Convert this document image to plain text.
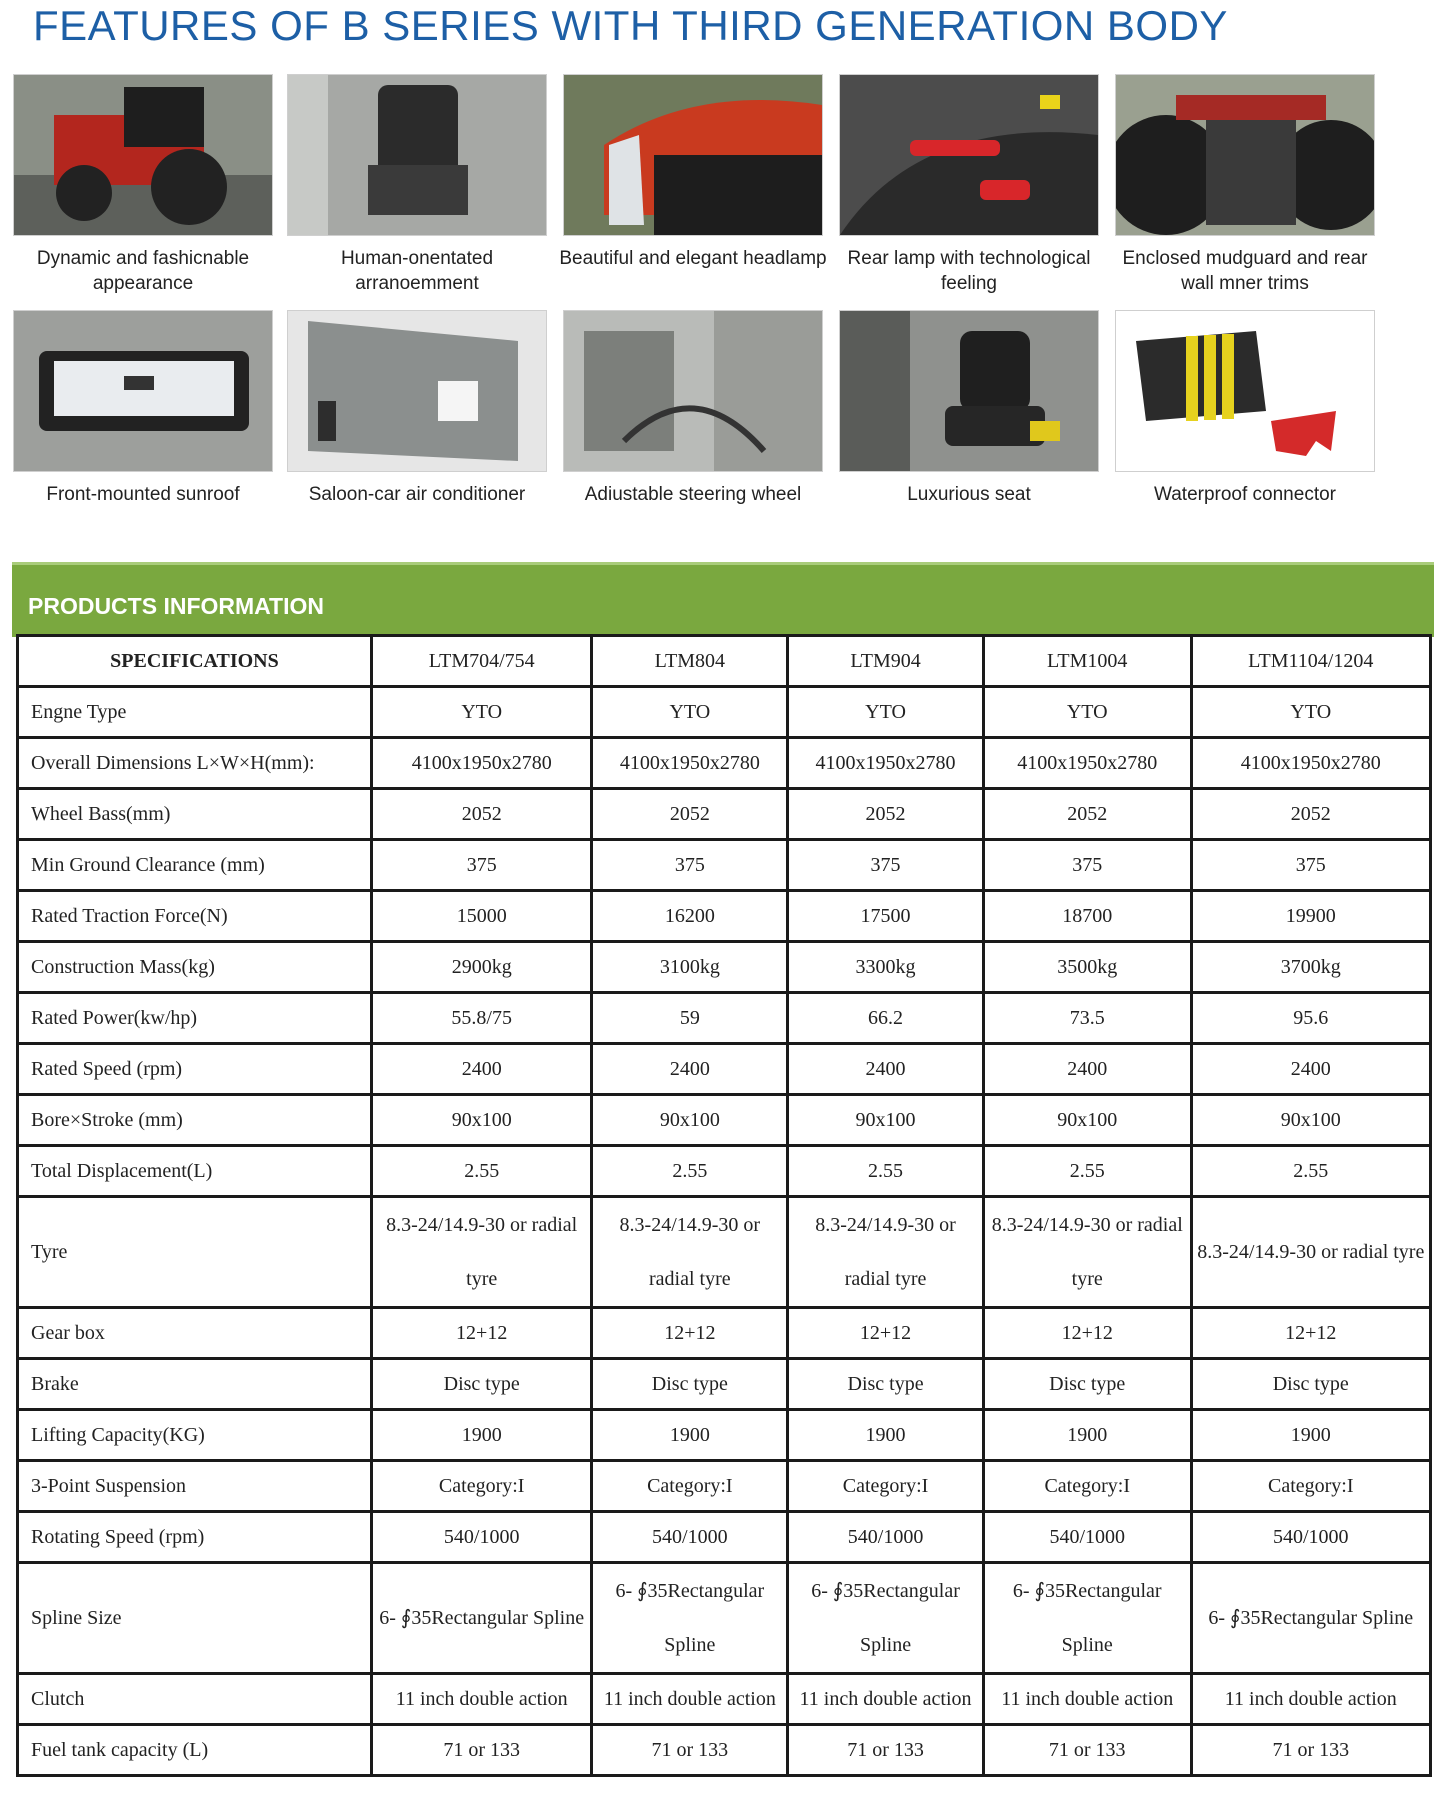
FEATURES OF B SERIES WITH THIRD GENERATION BODY
Dynamic and fashicnable appearance
Human-onentated arranoemment
Beautiful and elegant headlamp	Rear lamp with technological feeling
Enclosed mudguard and rear wall mner trims
Front-mounted sunroof	Saloon-car air conditioner	Adiustable steering wheel	Luxurious seat	Waterproof connector
PRODUCTS INFORMATION
SPECIFICATIONS	LTM704/754	LTM804	LTM904	LTM1004	LTM1104/1204
Engne Type	YTO	YTO	YTO	YTO	YTO
Overall Dimensions L×W×H(mm):	4100x1950x2780	4100x1950x2780	4100x1950x2780	4100x1950x2780	4100x1950x2780
Wheel Bass(mm)	2052	2052	2052	2052	2052
Min Ground Clearance (mm)	375	375	375	375	375
Rated Traction Force(N)	15000	16200	17500	18700	19900
Construction Mass(kg)	2900kg	3100kg	3300kg	3500kg	3700kg
Rated Power(kw/hp)	55.8/75	59	66.2	73.5	95.6
Rated Speed (rpm)	2400	2400	2400	2400	2400
Bore×Stroke (mm)	90x100	90x100	90x100	90x100	90x100
Total Displacement(L)	2.55	2.55	2.55	2.55	2.55
Tyre	8.3-24/14.9-30 or radial tyre	8.3-24/14.9-30 or radial tyre	8.3-24/14.9-30 or radial tyre	8.3-24/14.9-30 or radial tyre	8.3-24/14.9-30 or radial tyre
Gear box	12+12	12+12	12+12	12+12	12+12
Brake	Disc type	Disc type	Disc type	Disc type	Disc type
Lifting Capacity(KG)	1900	1900	1900	1900	1900
3-Point Suspension	Category:I	Category:I	Category:I	Category:I	Category:I
Rotating Speed (rpm)	540/1000	540/1000	540/1000	540/1000	540/1000
Spline Size	6- ∮35Rectangular Spline	6- ∮35Rectangular Spline	6- ∮35Rectangular Spline	6- ∮35Rectangular Spline	6- ∮35Rectangular Spline
Clutch	11 inch double action	11 inch double action	11 inch double action	11 inch double action	11 inch double action
Fuel tank capacity (L)	71 or 133	71 or 133	71 or 133	71 or 133	71 or 133
